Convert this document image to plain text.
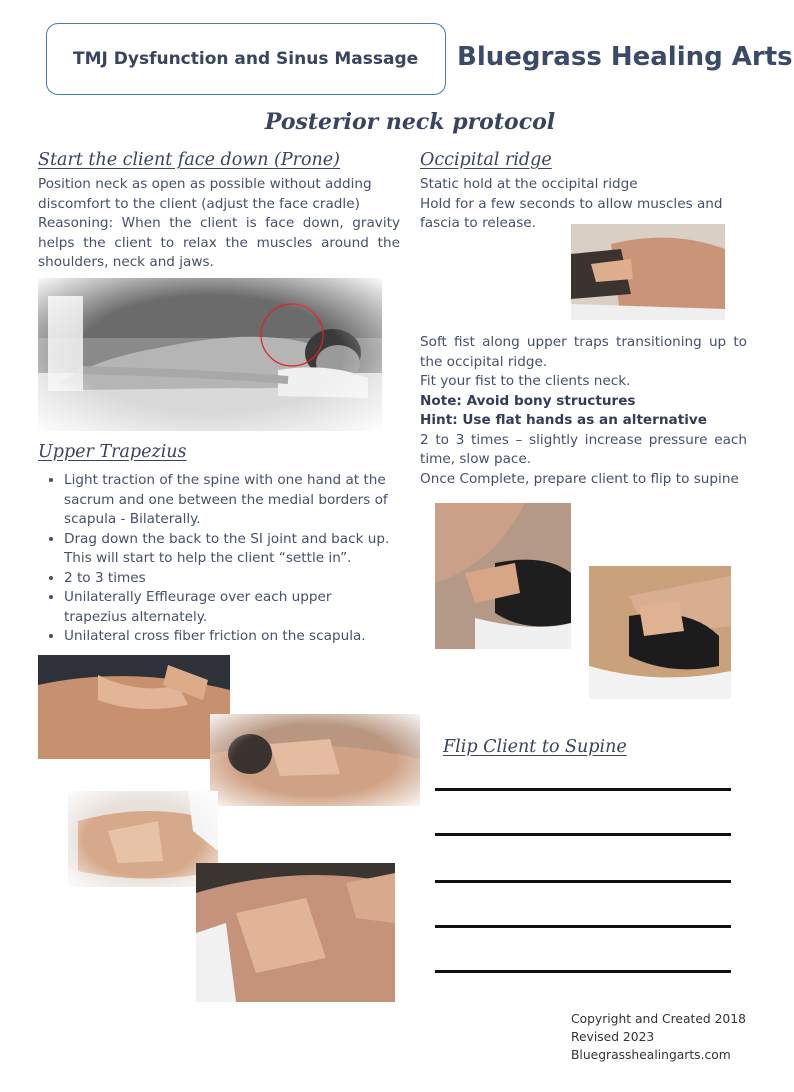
TMJ Dysfunction and Sinus Massage Bluegrass Healing Arts
Posterior neck protocol
Start the client face down (Prone)
Position neck as open as possible without adding discomfort to the client (adjust the face cradle)
Reasoning: When the client is face down, gravity helps the client to relax the muscles around the shoulders, neck and jaws.
Upper Trapezius
• Light traction of the spine with one hand at the sacrum and one between the medial borders of scapula - Bilaterally.
• Drag down the back to the SI joint and back up. This will start to help the client “settle in”.
• 2 to 3 times
• Unilaterally Effleurage over each upper trapezius alternately.
• Unilateral cross fiber friction on the scapula.
Occipital ridge
Static hold at the occipital ridge
Hold for a few seconds to allow muscles and fascia to release.
Soft fist along upper traps transitioning up to the occipital ridge.
Fit your fist to the clients neck.
Note: Avoid bony structures
Hint: Use flat hands as an alternative
2 to 3 times – slightly increase pressure each time, slow pace.
Once Complete, prepare client to flip to supine
Flip Client to Supine
Copyright and Created 2018
Revised 2023
Bluegrasshealingarts.com
